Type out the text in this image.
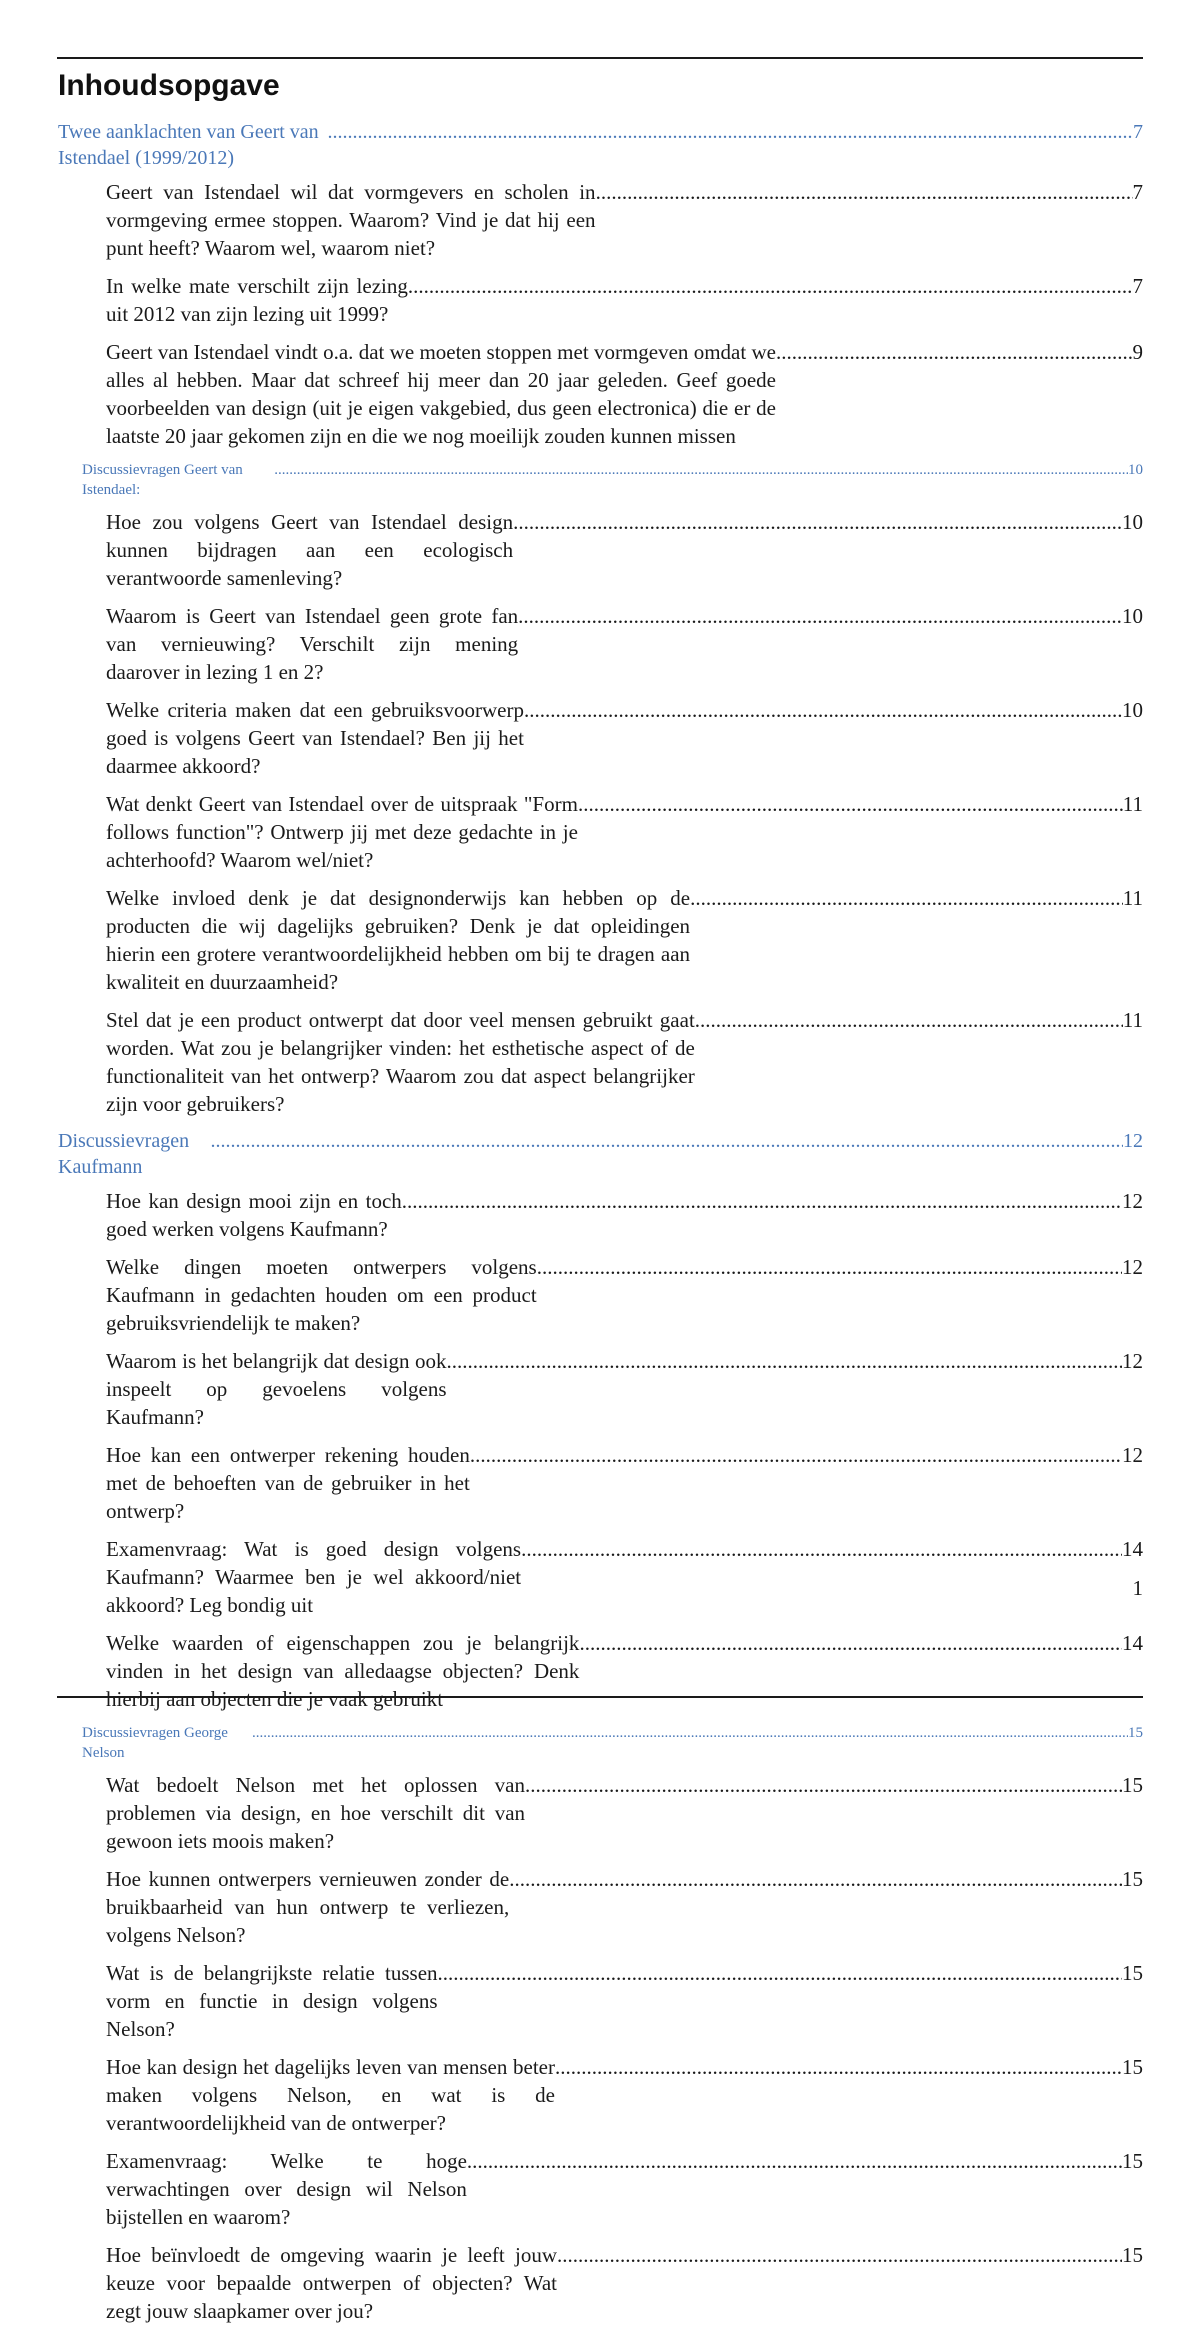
Inhoudsopgave
Twee aanklachten van Geert van Istendael (1999/2012)
.....
7
Geert van Istendael wil dat vormgevers en scholen in vormgeving ermee stoppen. Waarom? Vind je dat hij een punt heeft? Waarom wel, waarom niet?
.....
7
In welke mate verschilt zijn lezing uit 2012 van zijn lezing uit 1999?
.....
7
Geert van Istendael vindt o.a. dat we moeten stoppen met vormgeven omdat we alles al hebben. Maar dat schreef hij meer dan 20 jaar geleden. Geef goede voorbeelden van design (uit je eigen vakgebied, dus geen electronica) die er de laatste 20 jaar gekomen zijn en die we nog moeilijk zouden kunnen missen
.....
9
Discussievragen Geert van Istendael:
.....
10
Hoe zou volgens Geert van Istendael design kunnen bijdragen aan een ecologisch verantwoorde samenleving?
.....
10
Waarom is Geert van Istendael geen grote fan van vernieuwing? Verschilt zijn mening daarover in lezing 1 en 2?
.....
10
Welke criteria maken dat een gebruiksvoorwerp goed is volgens Geert van Istendael? Ben jij het daarmee akkoord?
.....
10
Wat denkt Geert van Istendael over de uitspraak "Form follows function"? Ontwerp jij met deze gedachte in je achterhoofd? Waarom wel/niet?
.....
11
Welke invloed denk je dat designonderwijs kan hebben op de producten die wij dagelijks gebruiken? Denk je dat opleidingen hierin een grotere verantwoordelijkheid hebben om bij te dragen aan kwaliteit en duurzaamheid?
.....
11
Stel dat je een product ontwerpt dat door veel mensen gebruikt gaat worden. Wat zou je belangrijker vinden: het esthetische aspect of de functionaliteit van het ontwerp? Waarom zou dat aspect belangrijker zijn voor gebruikers?
.....
11
Discussievragen Kaufmann
.....
12
Hoe kan design mooi zijn en toch goed werken volgens Kaufmann?
.....
12
Welke dingen moeten ontwerpers volgens Kaufmann in gedachten houden om een product gebruiksvriendelijk te maken?
.....
12
Waarom is het belangrijk dat design ook inspeelt op gevoelens volgens Kaufmann?
.....
12
Hoe kan een ontwerper rekening houden met de behoeften van de gebruiker in het ontwerp?
.....
12
Examenvraag: Wat is goed design volgens Kaufmann? Waarmee ben je wel akkoord/niet akkoord? Leg bondig uit
.....
14
Welke waarden of eigenschappen zou je belangrijk vinden in het design van alledaagse objecten? Denk hierbij aan objecten die je vaak gebruikt
.....
14
Discussievragen George Nelson
.....
15
Wat bedoelt Nelson met het oplossen van problemen via design, en hoe verschilt dit van gewoon iets moois maken?
.....
15
Hoe kunnen ontwerpers vernieuwen zonder de bruikbaarheid van hun ontwerp te verliezen, volgens Nelson?
.....
15
Wat is de belangrijkste relatie tussen vorm en functie in design volgens Nelson?
.....
15
Hoe kan design het dagelijks leven van mensen beter maken volgens Nelson, en wat is de verantwoordelijkheid van de ontwerper?
.....
15
Examenvraag: Welke te hoge verwachtingen over design wil Nelson bijstellen en waarom?
.....
15
Hoe beïnvloedt de omgeving waarin je leeft jouw keuze voor bepaalde ontwerpen of objecten? Wat zegt jouw slaapkamer over jou?
.....
15

1
